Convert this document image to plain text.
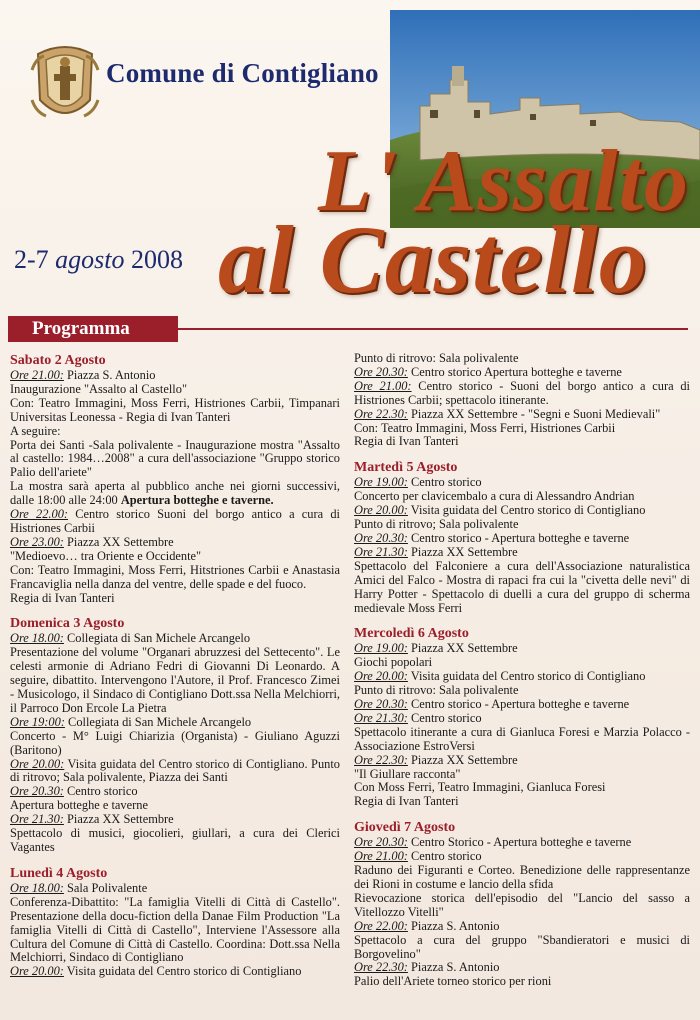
Comune di Contigliano
L' Assalto
al Castello
2-7 agosto 2008
Programma
Sabato 2 Agosto

Ore 21.00: Piazza S. Antonio

Inaugurazione "Assalto al Castello"

Con: Teatro Immagini, Moss Ferri, Histriones Carbii, Timpanari Universitas Leonessa - Regia di Ivan Tanteri

A seguire:

Porta dei Santi -Sala polivalente - Inaugurazione mostra "Assalto al castello: 1984…2008" a cura dell'associazione "Gruppo storico Palio dell'ariete"

La mostra sarà aperta al pubblico anche nei giorni successivi, dalle 18:00 alle 24:00 Apertura botteghe e taverne.

Ore 22.00: Centro storico Suoni del borgo antico a cura di Histriones Carbii

Ore 23.00: Piazza XX Settembre

"Medioevo… tra Oriente e Occidente"

Con: Teatro Immagini, Moss Ferri, Hitstriones Carbii e Anastasia Francaviglia nella danza del ventre, delle spade e del fuoco.

Regia di Ivan Tanteri

Domenica 3 Agosto

Ore 18.00: Collegiata di San Michele Arcangelo

Presentazione del volume "Organari abruzzesi del Settecento". Le celesti armonie di Adriano Fedri di Giovanni Di Leonardo. A seguire, dibattito. Intervengono l'Autore, il Prof. Francesco Zimei - Musicologo, il Sindaco di Contigliano Dott.ssa Nella Melchiorri, il Parroco Don Ercole La Pietra

Ore 19:00: Collegiata di San Michele Arcangelo

Concerto - M° Luigi Chiarizia (Organista) - Giuliano Aguzzi (Baritono)

Ore 20.00: Visita guidata del Centro storico di Contigliano. Punto di ritrovo; Sala polivalente, Piazza dei Santi

Ore 20.30: Centro storico

Apertura botteghe e taverne

Ore 21.30: Piazza XX Settembre

Spettacolo di musici, giocolieri, giullari, a cura dei Clerici Vagantes

Lunedì 4 Agosto

Ore 18.00: Sala Polivalente

Conferenza-Dibattito: "La famiglia Vitelli di Città di Castello". Presentazione della docu-fiction della Danae Film Production "La famiglia Vitelli di Città di Castello", Interviene l'Assessore alla Cultura del Comune di Città di Castello. Coordina: Dott.ssa Nella Melchiorri, Sindaco di Contigliano

Ore 20.00: Visita guidata del Centro storico di Contigliano

Punto di ritrovo: Sala polivalente

Ore 20.30: Centro storico Apertura botteghe e taverne

Ore 21.00: Centro storico - Suoni del borgo antico a cura di Histriones Carbii; spettacolo itinerante.

Ore 22.30: Piazza XX Settembre - "Segni e Suoni Medievali"

Con: Teatro Immagini, Moss Ferri, Histriones Carbii

Regia di Ivan Tanteri

Martedì 5 Agosto

Ore 19.00: Centro storico

Concerto per clavicembalo a cura di Alessandro Andrian

Ore 20.00: Visita guidata del Centro storico di Contigliano

Punto di ritrovo; Sala polivalente

Ore 20.30: Centro storico - Apertura botteghe e taverne

Ore 21.30: Piazza XX Settembre

Spettacolo del Falconiere a cura dell'Associazione naturalistica Amici del Falco - Mostra di rapaci fra cui la "civetta delle nevi" di Harry Potter - Spettacolo di duelli a cura del gruppo di scherma medievale Moss Ferri

Mercoledì 6 Agosto

Ore 19.00: Piazza XX Settembre

Giochi popolari

Ore 20.00: Visita guidata del Centro storico di Contigliano

Punto di ritrovo: Sala polivalente

Ore 20.30: Centro storico - Apertura botteghe e taverne

Ore 21.30: Centro storico

Spettacolo itinerante a cura di Gianluca Foresi e Marzia Polacco - Associazione EstroVersi

Ore 22.30: Piazza XX Settembre

"Il Giullare racconta"

Con Moss Ferri, Teatro Immagini, Gianluca Foresi

Regia di Ivan Tanteri

Giovedì 7 Agosto

Ore 20.30: Centro Storico - Apertura botteghe e taverne

Ore 21.00: Centro storico

Raduno dei Figuranti e Corteo. Benedizione delle rappresentanze dei Rioni in costume e lancio della sfida

Rievocazione storica dell'episodio del "Lancio del sasso a Vitellozzo Vitelli"

Ore 22.00: Piazza S. Antonio

Spettacolo a cura del gruppo "Sbandieratori e musici di Borgovelino"

Ore 22.30: Piazza S. Antonio

Palio dell'Ariete torneo storico per rioni
